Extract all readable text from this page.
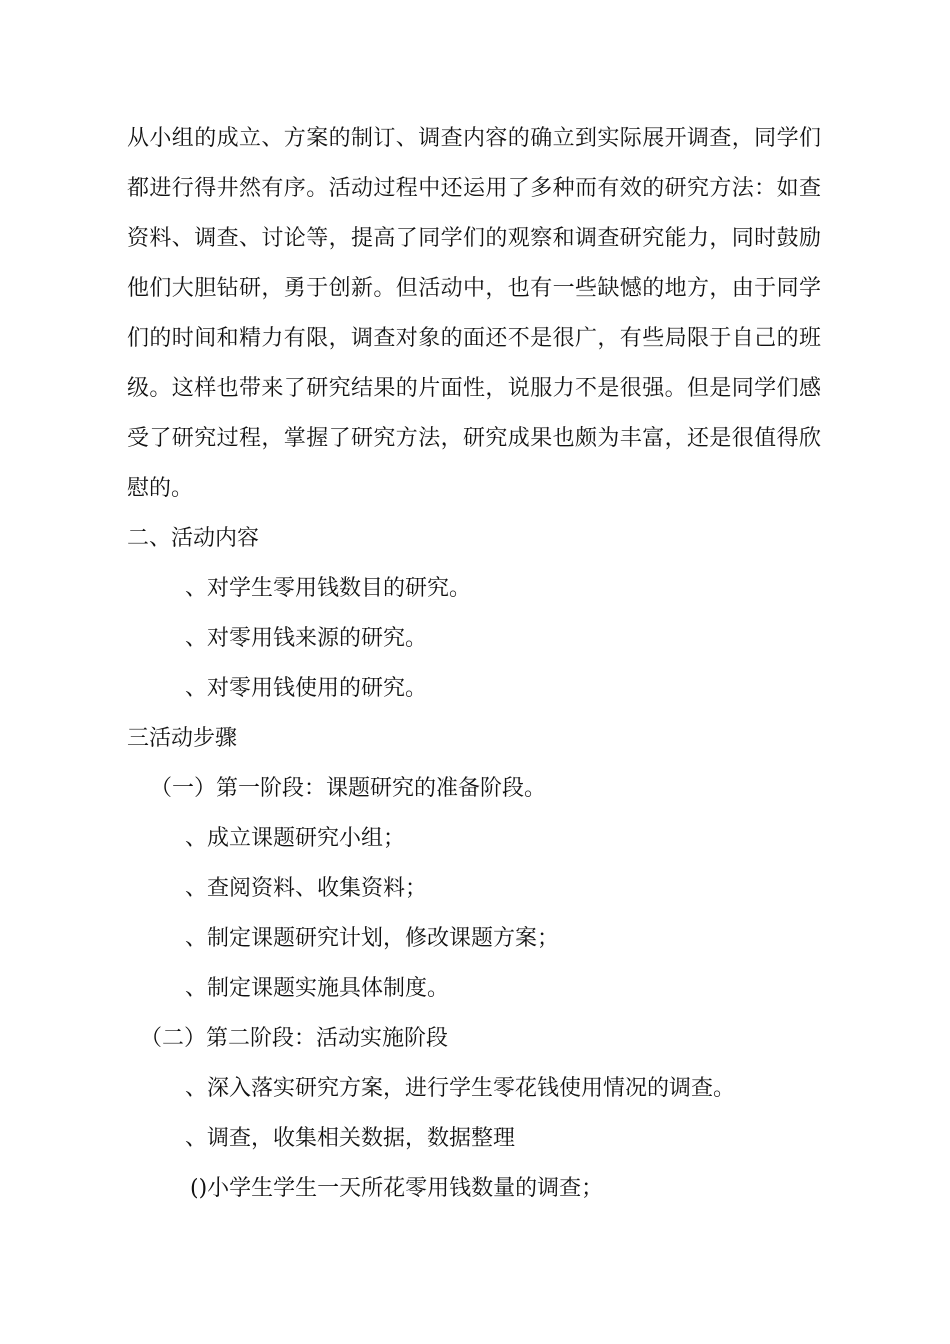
从小组的成立、方案的制订、调查内容的确立到实际展开调查，同学们
都进行得井然有序。活动过程中还运用了多种而有效的研究方法：如查
资料、调查、讨论等，提高了同学们的观察和调查研究能力，同时鼓励
他们大胆钻研，勇于创新。但活动中，也有一些缺憾的地方，由于同学
们的时间和精力有限，调查对象的面还不是很广，有些局限于自己的班
级。这样也带来了研究结果的片面性，说服力不是很强。但是同学们感
受了研究过程，掌握了研究方法，研究成果也颇为丰富，还是很值得欣
慰的。
二、活动内容
、对学生零用钱数目的研究。
、对零用钱来源的研究。
、对零用钱使用的研究。
三活动步骤
（一）第一阶段：课题研究的准备阶段。
、成立课题研究小组；
、查阅资料、收集资料；
、制定课题研究计划，修改课题方案；
、制定课题实施具体制度。
（二）第二阶段：活动实施阶段
、深入落实研究方案，进行学生零花钱使用情况的调查。
、调查，收集相关数据，数据整理
()小学生学生一天所花零用钱数量的调查；
